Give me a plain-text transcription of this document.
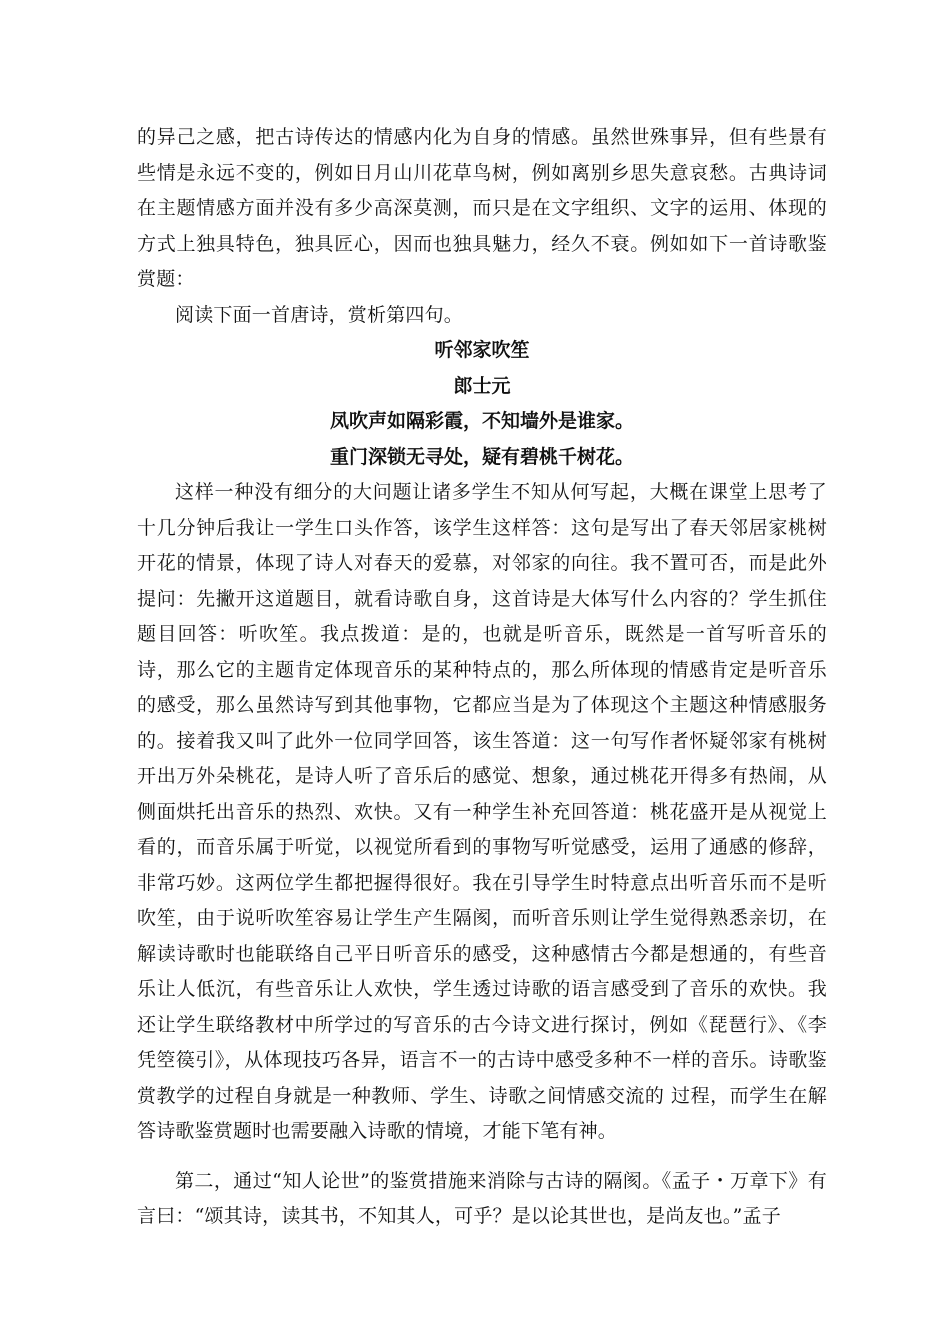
的异己之感，把古诗传达的情感内化为自身的情感。虽然世殊事异，但有些景有些情是永远不变的，例如日月山川花草鸟树，例如离别乡思失意哀愁。古典诗词在主题情感方面并没有多少高深莫测，而只是在文字组织、文字的运用、体现的方式上独具特色，独具匠心，因而也独具魅力，经久不衰。例如如下一首诗歌鉴赏题：

阅读下面一首唐诗，赏析第四句。

听邻家吹笙

郎士元

凤吹声如隔彩霞，不知墙外是谁家。

重门深锁无寻处，疑有碧桃千树花。

这样一种没有细分的大问题让诸多学生不知从何写起，大概在课堂上思考了十几分钟后我让一学生口头作答，该学生这样答：这句是写出了春天邻居家桃树开花的情景，体现了诗人对春天的爱慕，对邻家的向往。我不置可否，而是此外提问：先撇开这道题目，就看诗歌自身，这首诗是大体写什么内容的？学生抓住题目回答：听吹笙。我点拨道：是的，也就是听音乐，既然是一首写听音乐的诗，那么它的主题肯定体现音乐的某种特点的，那么所体现的情感肯定是听音乐的感受，那么虽然诗写到其他事物，它都应当是为了体现这个主题这种情感服务的。接着我又叫了此外一位同学回答，该生答道：这一句写作者怀疑邻家有桃树开出万外朵桃花，是诗人听了音乐后的感觉、想象，通过桃花开得多有热闹，从侧面烘托出音乐的热烈、欢快。又有一种学生补充回答道：桃花盛开是从视觉上看的，而音乐属于听觉，以视觉所看到的事物写听觉感受，运用了通感的修辞，非常巧妙。这两位学生都把握得很好。我在引导学生时特意点出听音乐而不是听吹笙，由于说听吹笙容易让学生产生隔阂，而听音乐则让学生觉得熟悉亲切，在解读诗歌时也能联络自己平日听音乐的感受，这种感情古今都是想通的，有些音乐让人低沉，有些音乐让人欢快，学生透过诗歌的语言感受到了音乐的欢快。我还让学生联络教材中所学过的写音乐的古今诗文进行探讨，例如《琵琶行》、《李凭箜篌引》，从体现技巧各异，语言不一的古诗中感受多种不一样的音乐。诗歌鉴赏教学的过程自身就是一种教师、学生、诗歌之间情感交流的 过程，而学生在解答诗歌鉴赏题时也需要融入诗歌的情境，才能下笔有神。

第二，通过“知人论世”的鉴赏措施来消除与古诗的隔阂。《孟子・万章下》有言曰：“颂其诗，读其书，不知其人，可乎？是以论其世也，是尚友也。”孟子
